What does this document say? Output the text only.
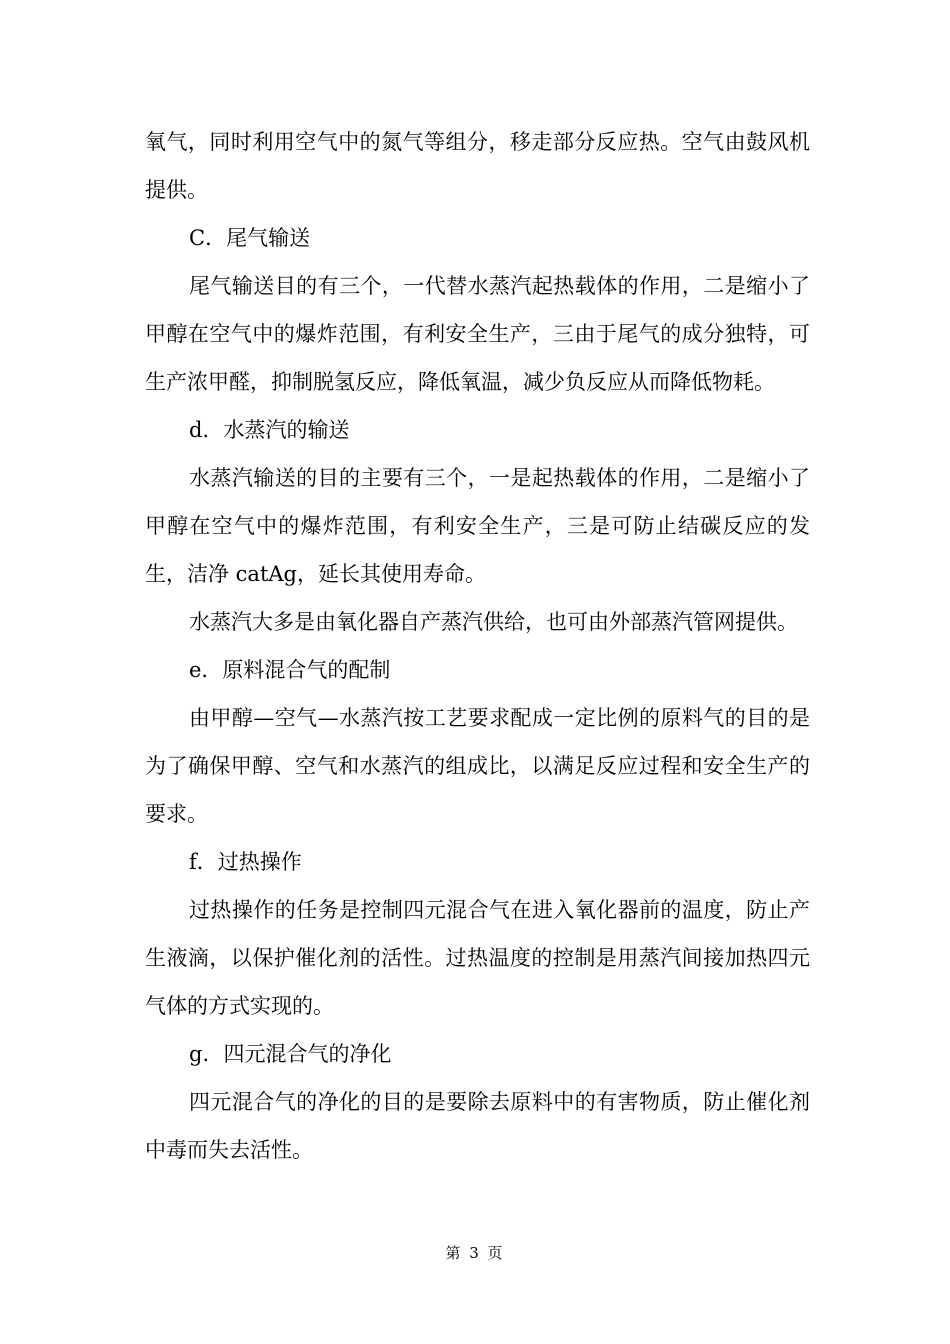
氧气，同时利用空气中的氮气等组分，移走部分反应热。空气由鼓风机提供。

C．尾气输送

尾气输送目的有三个，一代替水蒸汽起热载体的作用，二是缩小了甲醇在空气中的爆炸范围，有利安全生产，三由于尾气的成分独特，可生产浓甲醛，抑制脱氢反应，降低氧温，减少负反应从而降低物耗。

d．水蒸汽的输送

水蒸汽输送的目的主要有三个，一是起热载体的作用，二是缩小了甲醇在空气中的爆炸范围，有利安全生产，三是可防止结碳反应的发生，洁净 catAg，延长其使用寿命。

水蒸汽大多是由氧化器自产蒸汽供给，也可由外部蒸汽管网提供。

e．原料混合气的配制

由甲醇—空气—水蒸汽按工艺要求配成一定比例的原料气的目的是为了确保甲醇、空气和水蒸汽的组成比，以满足反应过程和安全生产的要求。

f．过热操作

过热操作的任务是控制四元混合气在进入氧化器前的温度，防止产生液滴，以保护催化剂的活性。过热温度的控制是用蒸汽间接加热四元气体的方式实现的。

g．四元混合气的净化

四元混合气的净化的目的是要除去原料中的有害物质，防止催化剂中毒而失去活性。

第 3 页
